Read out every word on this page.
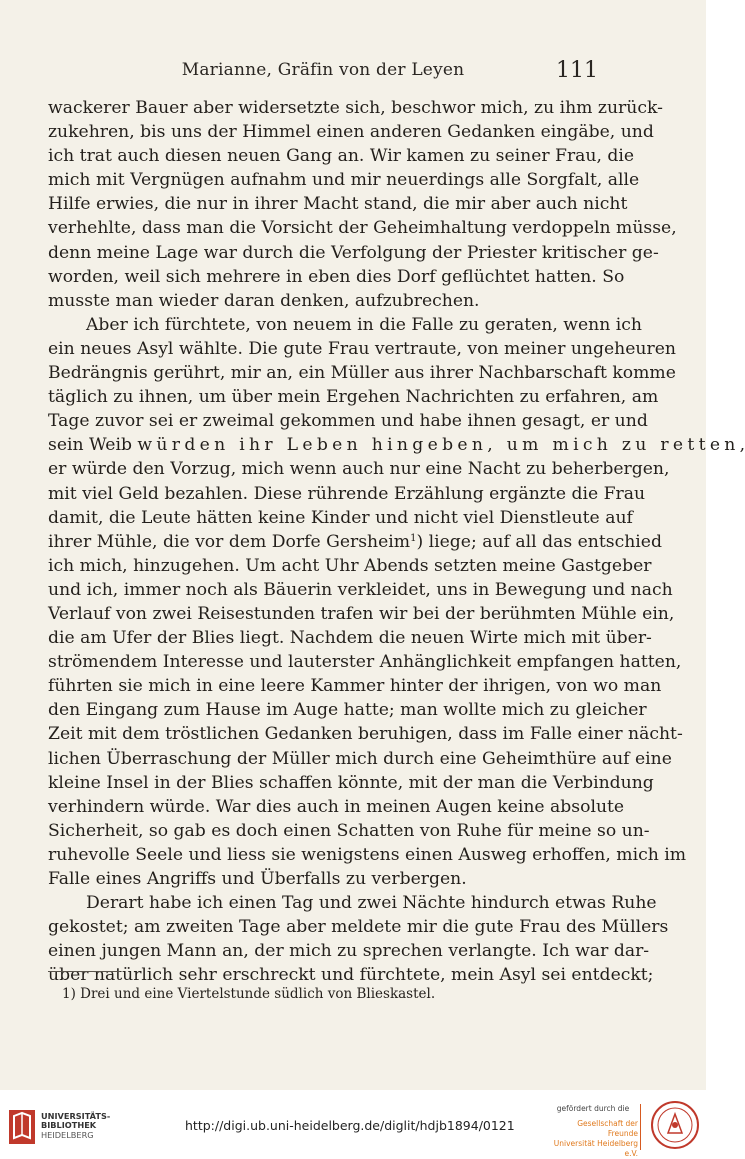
Marianne, Gräfin von der Leyen	111
wackerer Bauer aber widersetzte sich, beschwor mich, zu ihm zurück-
zukehren, bis uns der Himmel einen anderen Gedanken eingäbe, und
ich trat auch diesen neuen Gang an. Wir kamen zu seiner Frau, die
mich mit Vergnügen aufnahm und mir neuerdings alle Sorgfalt, alle
Hilfe erwies, die nur in ihrer Macht stand, die mir aber auch nicht
verhehlte, dass man die Vorsicht der Geheimhaltung verdoppeln müsse,
denn meine Lage war durch die Verfolgung der Priester kritischer ge-
worden, weil sich mehrere in eben dies Dorf geflüchtet hatten. So
musste man wieder daran denken, aufzubrechen.
Aber ich fürchtete, von neuem in die Falle zu geraten, wenn ich
ein neues Asyl wählte. Die gute Frau vertraute, von meiner ungeheuren
Bedrängnis gerührt, mir an, ein Müller aus ihrer Nachbarschaft komme
täglich zu ihnen, um über mein Ergehen Nachrichten zu erfahren, am
Tage zuvor sei er zweimal gekommen und habe ihnen gesagt, er und
sein Weib würden ihr Leben hingeben, um mich zu retten,
er würde den Vorzug, mich wenn auch nur eine Nacht zu beherbergen,
mit viel Geld bezahlen. Diese rührende Erzählung ergänzte die Frau
damit, die Leute hätten keine Kinder und nicht viel Dienstleute auf
ihrer Mühle, die vor dem Dorfe Gersheim$^1$) liege; auf all das entschied
ich mich, hinzugehen. Um acht Uhr Abends setzten meine Gastgeber
und ich, immer noch als Bäuerin verkleidet, uns in Bewegung und nach
Verlauf von zwei Reisestunden trafen wir bei der berühmten Mühle ein,
die am Ufer der Blies liegt. Nachdem die neuen Wirte mich mit über-
strömendem Interesse und lauterster Anhänglichkeit empfangen hatten,
führten sie mich in eine leere Kammer hinter der ihrigen, von wo man
den Eingang zum Hause im Auge hatte; man wollte mich zu gleicher
Zeit mit dem tröstlichen Gedanken beruhigen, dass im Falle einer nächt-
lichen Überraschung der Müller mich durch eine Geheimthüre auf eine
kleine Insel in der Blies schaffen könnte, mit der man die Verbindung
verhindern würde. War dies auch in meinen Augen keine absolute
Sicherheit, so gab es doch einen Schatten von Ruhe für meine so un-
ruhevolle Seele und liess sie wenigstens einen Ausweg erhoffen, mich im
Falle eines Angriffs und Überfalls zu verbergen.
Derart habe ich einen Tag und zwei Nächte hindurch etwas Ruhe
gekostet; am zweiten Tage aber meldete mir die gute Frau des Müllers
einen jungen Mann an, der mich zu sprechen verlangte. Ich war dar-
über natürlich sehr erschreckt und fürchtete, mein Asyl sei entdeckt;
1) Drei und eine Viertelstunde südlich von Blieskastel.
UNIVERSITÄTS-
BIBLIOTHEK
HEIDELBERG
http://digi.ub.uni-heidelberg.de/diglit/hdjb1894/0121
gefördert durch die
Gesellschaft der Freunde
Universität Heidelberg e.V.
